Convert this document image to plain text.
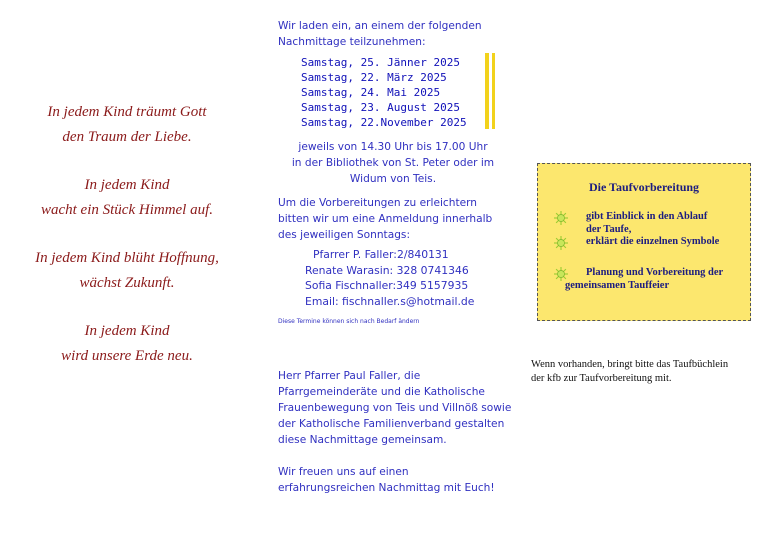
In jedem Kind träumt Gott
den Traum der Liebe.
In jedem Kind
wacht ein Stück Himmel auf.
In jedem Kind blüht Hoffnung,
wächst Zukunft.
In jedem Kind
wird unsere Erde neu.
Wir laden ein, an einem der folgenden
Nachmittage teilzunehmen:
Samstag, 25. Jänner 2025
Samstag, 22. März 2025
Samstag, 24. Mai 2025
Samstag, 23. August 2025
Samstag, 22.November 2025
jeweils von 14.30 Uhr bis 17.00 Uhr
in der Bibliothek von St. Peter oder im
Widum von Teis.
Um die Vorbereitungen zu erleichtern
bitten wir um eine Anmeldung innerhalb
des jeweiligen Sonntags:
Pfarrer P. Faller:2/840131
Renate Warasin: 328 0741346
Sofia Fischnaller:349 5157935
Email: fischnaller.s@hotmail.de
Diese Termine können sich nach Bedarf ändern
Herr Pfarrer Paul Faller, die
Pfarrgemeinderäte und die Katholische
Frauenbewegung von Teis und Villnöß sowie
der Katholische Familienverband gestalten
diese Nachmittage gemeinsam.
Wir freuen uns auf einen
erfahrungsreichen Nachmittag mit Euch!
Die Taufvorbereitung
gibt Einblick in den Ablauf
der Taufe,
erklärt die einzelnen Symbole
Planung und Vorbereitung der
gemeinsamen Tauffeier
Wenn vorhanden, bringt bitte das Taufbüchlein
der kfb zur Taufvorbereitung mit.
